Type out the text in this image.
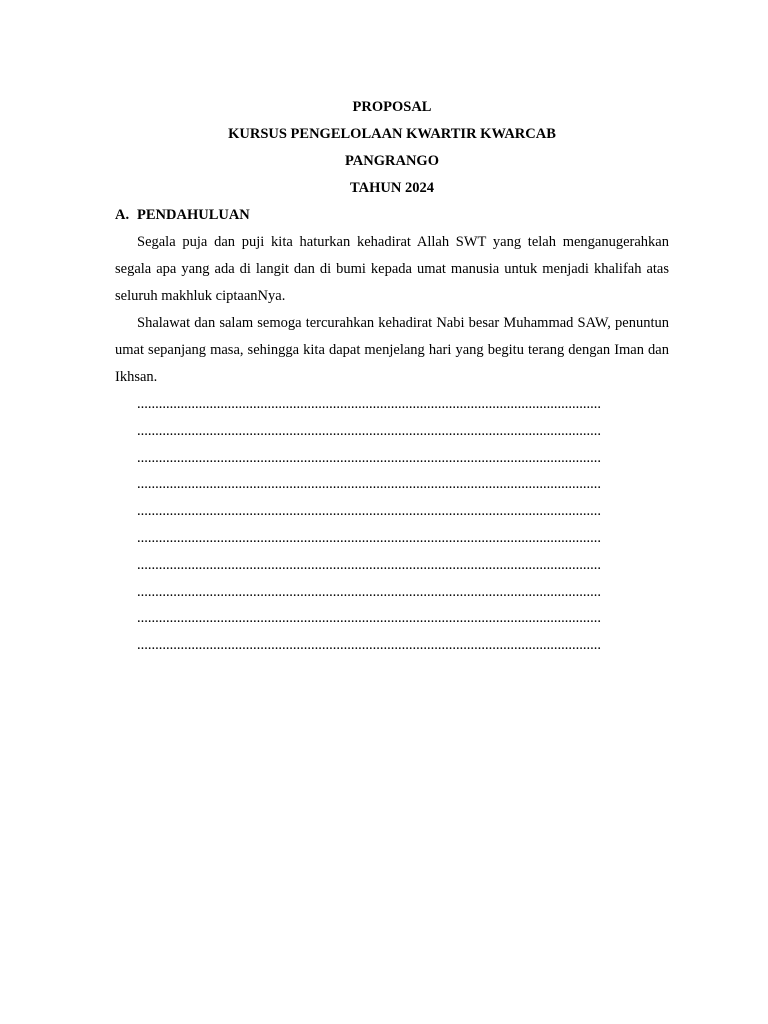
PROPOSAL
KURSUS PENGELOLAAN KWARTIR KWARCAB
PANGRANGO
TAHUN 2024
A. PENDAHULUAN

Segala puja dan puji kita haturkan kehadirat Allah SWT yang telah menganugerahkan segala apa yang ada di langit dan di bumi kepada umat manusia untuk menjadi khalifah atas seluruh makhluk ciptaanNya.

Shalawat dan salam semoga tercurahkan kehadirat Nabi besar Muhammad SAW, penuntun umat sepanjang masa, sehingga kita dapat menjelang hari yang begitu terang dengan Iman dan Ikhsan.

................................................................................................................................

................................................................................................................................

................................................................................................................................

................................................................................................................................

................................................................................................................................

................................................................................................................................

................................................................................................................................

................................................................................................................................

................................................................................................................................

................................................................................................................................
